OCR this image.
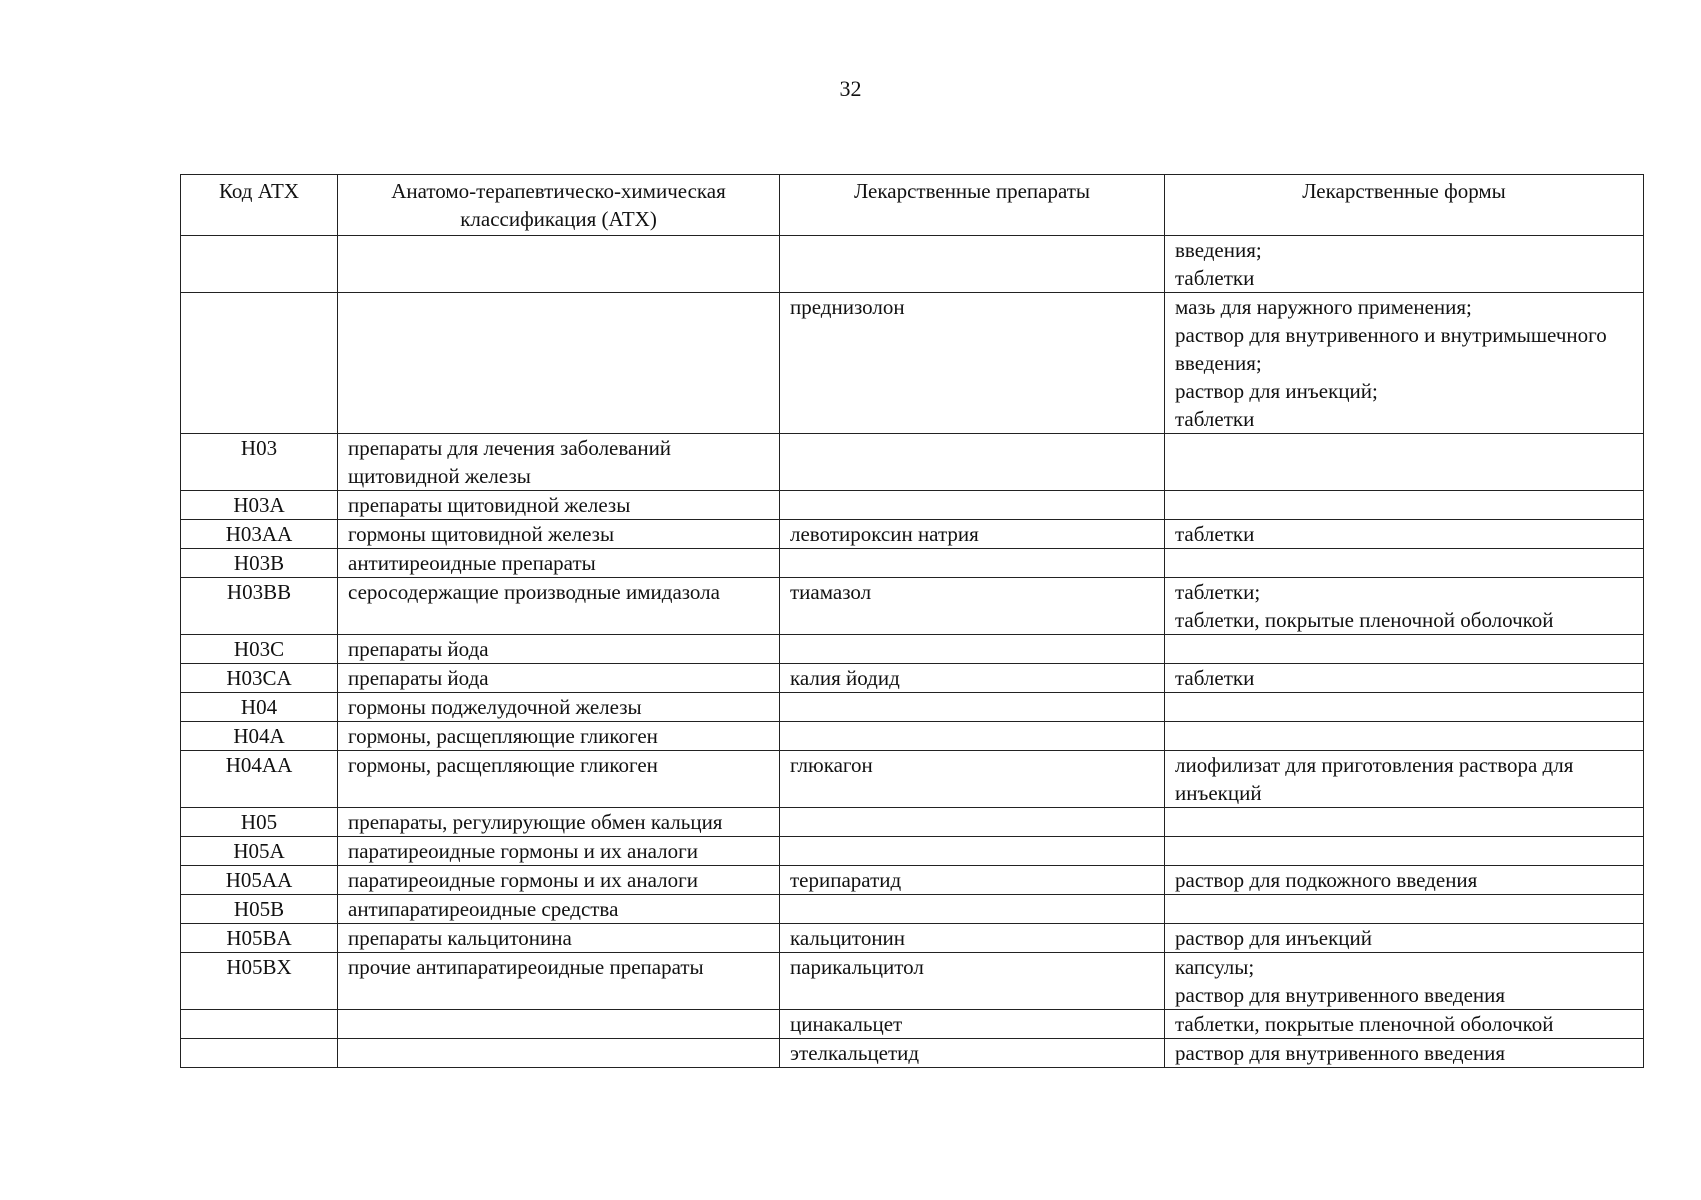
32
Код АТХ	Анатомо-терапевтическо-химическая классификация (АТХ)	Лекарственные препараты	Лекарственные формы
			введения;
таблетки
		преднизолон	мазь для наружного применения;
раствор для внутривенного и внутримышечного введения;
раствор для инъекций;
таблетки
H03	препараты для лечения заболеваний щитовидной железы		
H03A	препараты щитовидной железы		
H03AA	гормоны щитовидной железы	левотироксин натрия	таблетки
H03B	антитиреоидные препараты		
H03BB	серосодержащие производные имидазола	тиамазол	таблетки;
таблетки, покрытые пленочной оболочкой
H03C	препараты йода		
H03CA	препараты йода	калия йодид	таблетки
H04	гормоны поджелудочной железы		
H04A	гормоны, расщепляющие гликоген		
H04AA	гормоны, расщепляющие гликоген	глюкагон	лиофилизат для приготовления раствора для инъекций
H05	препараты, регулирующие обмен кальция		
H05A	паратиреоидные гормоны и их аналоги		
H05AA	паратиреоидные гормоны и их аналоги	терипаратид	раствор для подкожного введения
H05B	антипаратиреоидные средства		
H05BA	препараты кальцитонина	кальцитонин	раствор для инъекций
H05BX	прочие антипаратиреоидные препараты	парикальцитол	капсулы;
раствор для внутривенного введения
		цинакальцет	таблетки, покрытые пленочной оболочкой
		этелкальцетид	раствор для внутривенного введения
